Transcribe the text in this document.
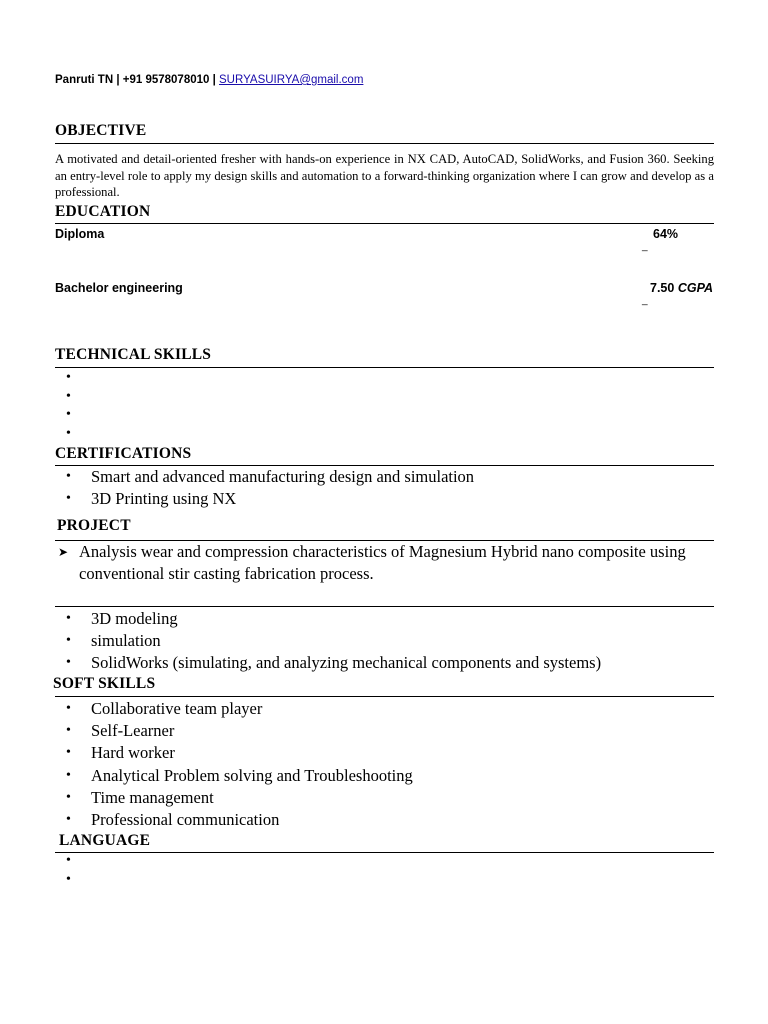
Panruti TN | +91 9578078010 | SURYASUIRYA@gmail.com
OBJECTIVE
A motivated and detail-oriented fresher with hands-on experience in NX CAD, AutoCAD, SolidWorks, and Fusion 360. Seeking an entry-level role to apply my design skills and automation to a forward-thinking organization where I can grow and develop as a professional.
EDUCATION
Diploma	64%
_
Bachelor engineering	7.50 CGPA
_
TECHNICAL SKILLS
•
•
•
•
CERTIFICATIONS
• Smart and advanced manufacturing design and simulation
• 3D Printing using NX
PROJECT
➤ Analysis wear and compression characteristics of Magnesium Hybrid nano composite using conventional stir casting fabrication process.
• 3D modeling
• simulation
• SolidWorks (simulating, and analyzing mechanical components and systems)
SOFT SKILLS
• Collaborative team player
• Self-Learner
• Hard worker
• Analytical Problem solving and Troubleshooting
• Time management
• Professional communication
LANGUAGE
•
•
